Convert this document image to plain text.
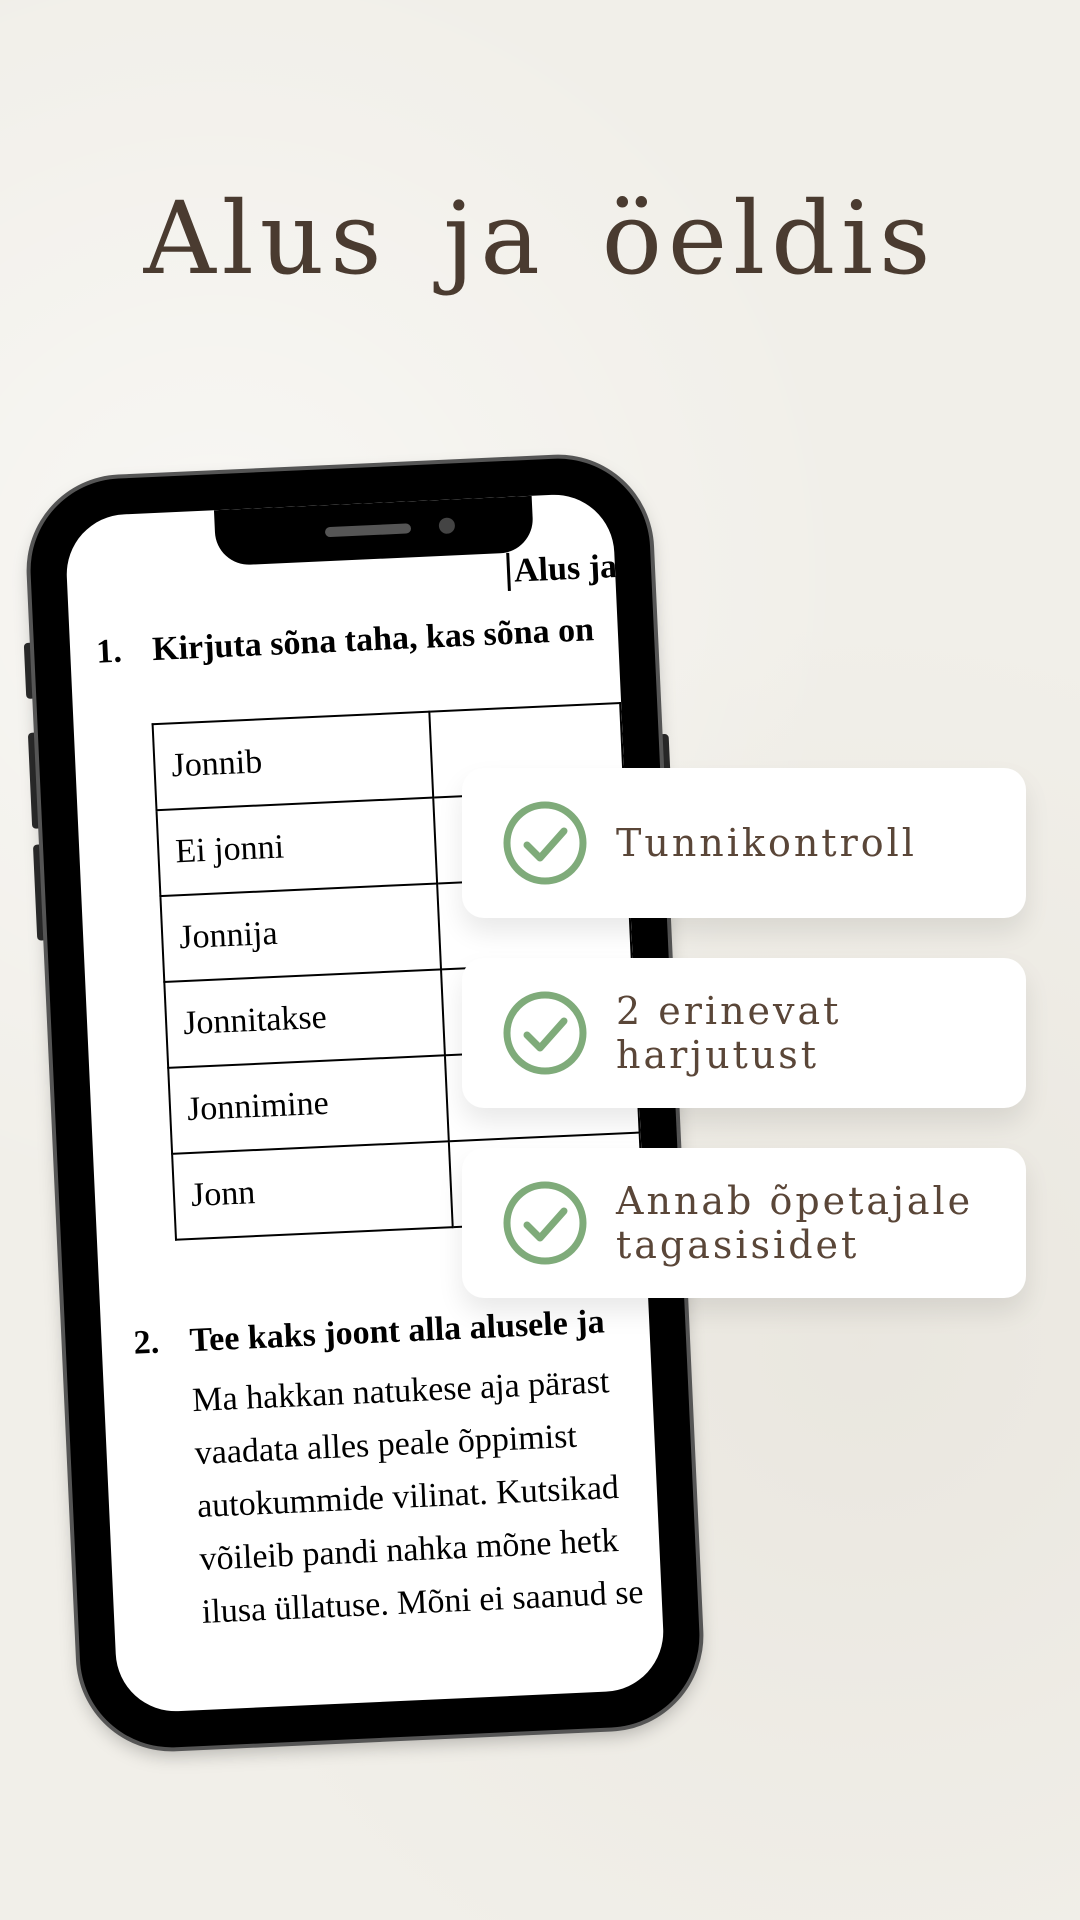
Alus ja öeldis
Alus ja
1. Kirjuta sõna taha, kas sõna on
Jonnib	
Ei jonni	
Jonnija	
Jonnitakse	
Jonnimine	
Jonn	
2. Tee kaks joont alla alusele ja
Ma hakkan natukese aja pärast
vaadata alles peale õppimist
autokummide vilinat. Kutsikad
võileib pandi nahka mõne hetk
ilusa üllatuse. Mõni ei saanud se
Tunnikontroll
2 erinevat
harjutust
Annab õpetajale
tagasisidet
